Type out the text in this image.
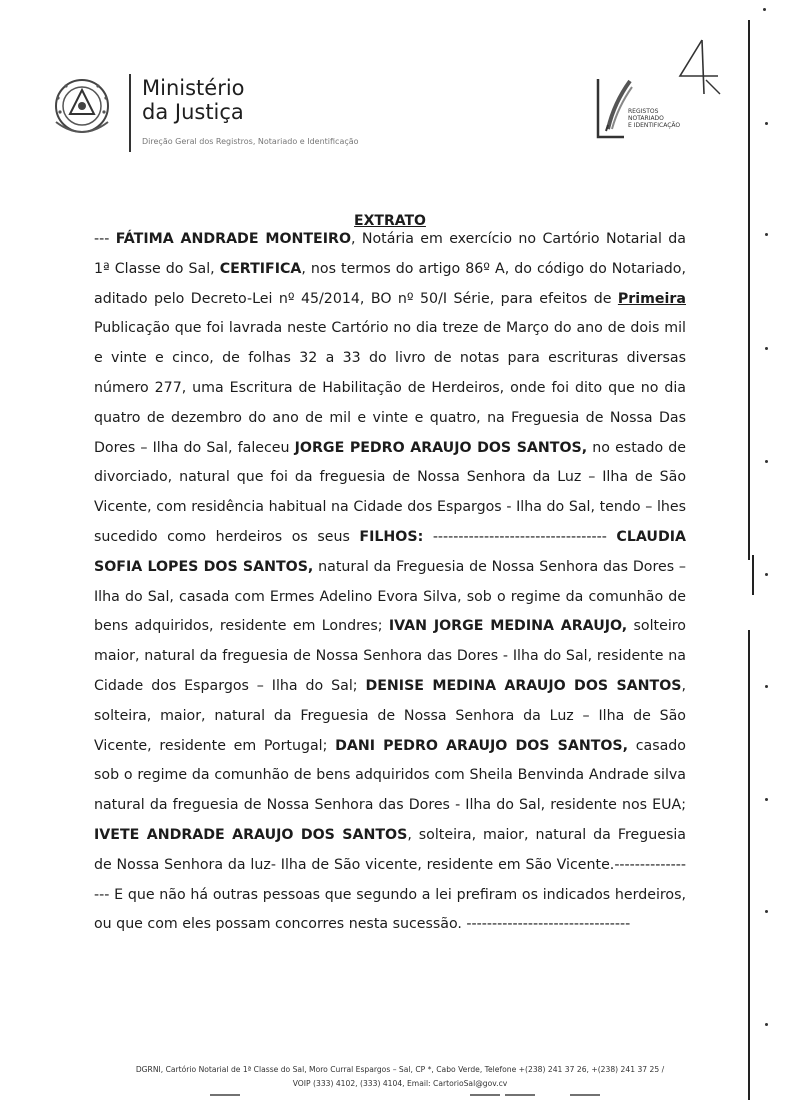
Ministério
da Justiça
Direção Geral dos Registros, Notariado e Identificação
REGISTOS
NOTARIADO
E IDENTIFICAÇÃO
EXTRATO
--- FÁTIMA ANDRADE MONTEIRO, Notária em exercício no Cartório Notarial da 1ª Classe do Sal, CERTIFICA, nos termos do artigo 86º A, do código do Notariado, aditado pelo Decreto-Lei nº 45/2014, BO nº 50/I Série, para efeitos de Primeira Publicação que foi lavrada neste Cartório no dia treze de Março do ano de dois mil e vinte e cinco, de folhas 32 a 33 do livro de notas para escrituras diversas número 277, uma Escritura de Habilitação de Herdeiros, onde foi dito que no dia quatro de dezembro do ano de mil e vinte e quatro, na Freguesia de Nossa Das Dores – Ilha do Sal, faleceu JORGE PEDRO ARAUJO DOS SANTOS, no estado de divorciado, natural que foi da freguesia de Nossa Senhora da Luz – Ilha de São Vicente, com residência habitual na Cidade dos Espargos - Ilha do Sal, tendo – lhes sucedido como herdeiros os seus FILHOS: ---------------------------------- CLAUDIA SOFIA LOPES DOS SANTOS, natural da Freguesia de Nossa Senhora das Dores – Ilha do Sal, casada com Ermes Adelino Evora Silva, sob o regime da comunhão de bens adquiridos, residente em Londres; IVAN JORGE MEDINA ARAUJO, solteiro maior, natural da freguesia de Nossa Senhora das Dores - Ilha do Sal, residente na Cidade dos Espargos – Ilha do Sal; DENISE MEDINA ARAUJO DOS SANTOS, solteira, maior, natural da Freguesia de Nossa Senhora da Luz – Ilha de São Vicente, residente em Portugal; DANI PEDRO ARAUJO DOS SANTOS, casado sob o regime da comunhão de bens adquiridos com Sheila Benvinda Andrade silva natural da freguesia de Nossa Senhora das Dores - Ilha do Sal, residente nos EUA; IVETE ANDRADE ARAUJO DOS SANTOS, solteira, maior, natural da Freguesia de Nossa Senhora da luz- Ilha de São vicente, residente em São Vicente.----------------- E que não há outras pessoas que segundo a lei prefiram os indicados herdeiros, ou que com eles possam concorres nesta sucessão. --------------------------------
DGRNI, Cartório Notarial de 1ª Classe do Sal, Moro Curral Espargos – Sal, CP *, Cabo Verde, Telefone +(238) 241 37 26, +(238) 241 37 25 /
VOIP (333) 4102, (333) 4104, Email: CartorioSal@gov.cv
